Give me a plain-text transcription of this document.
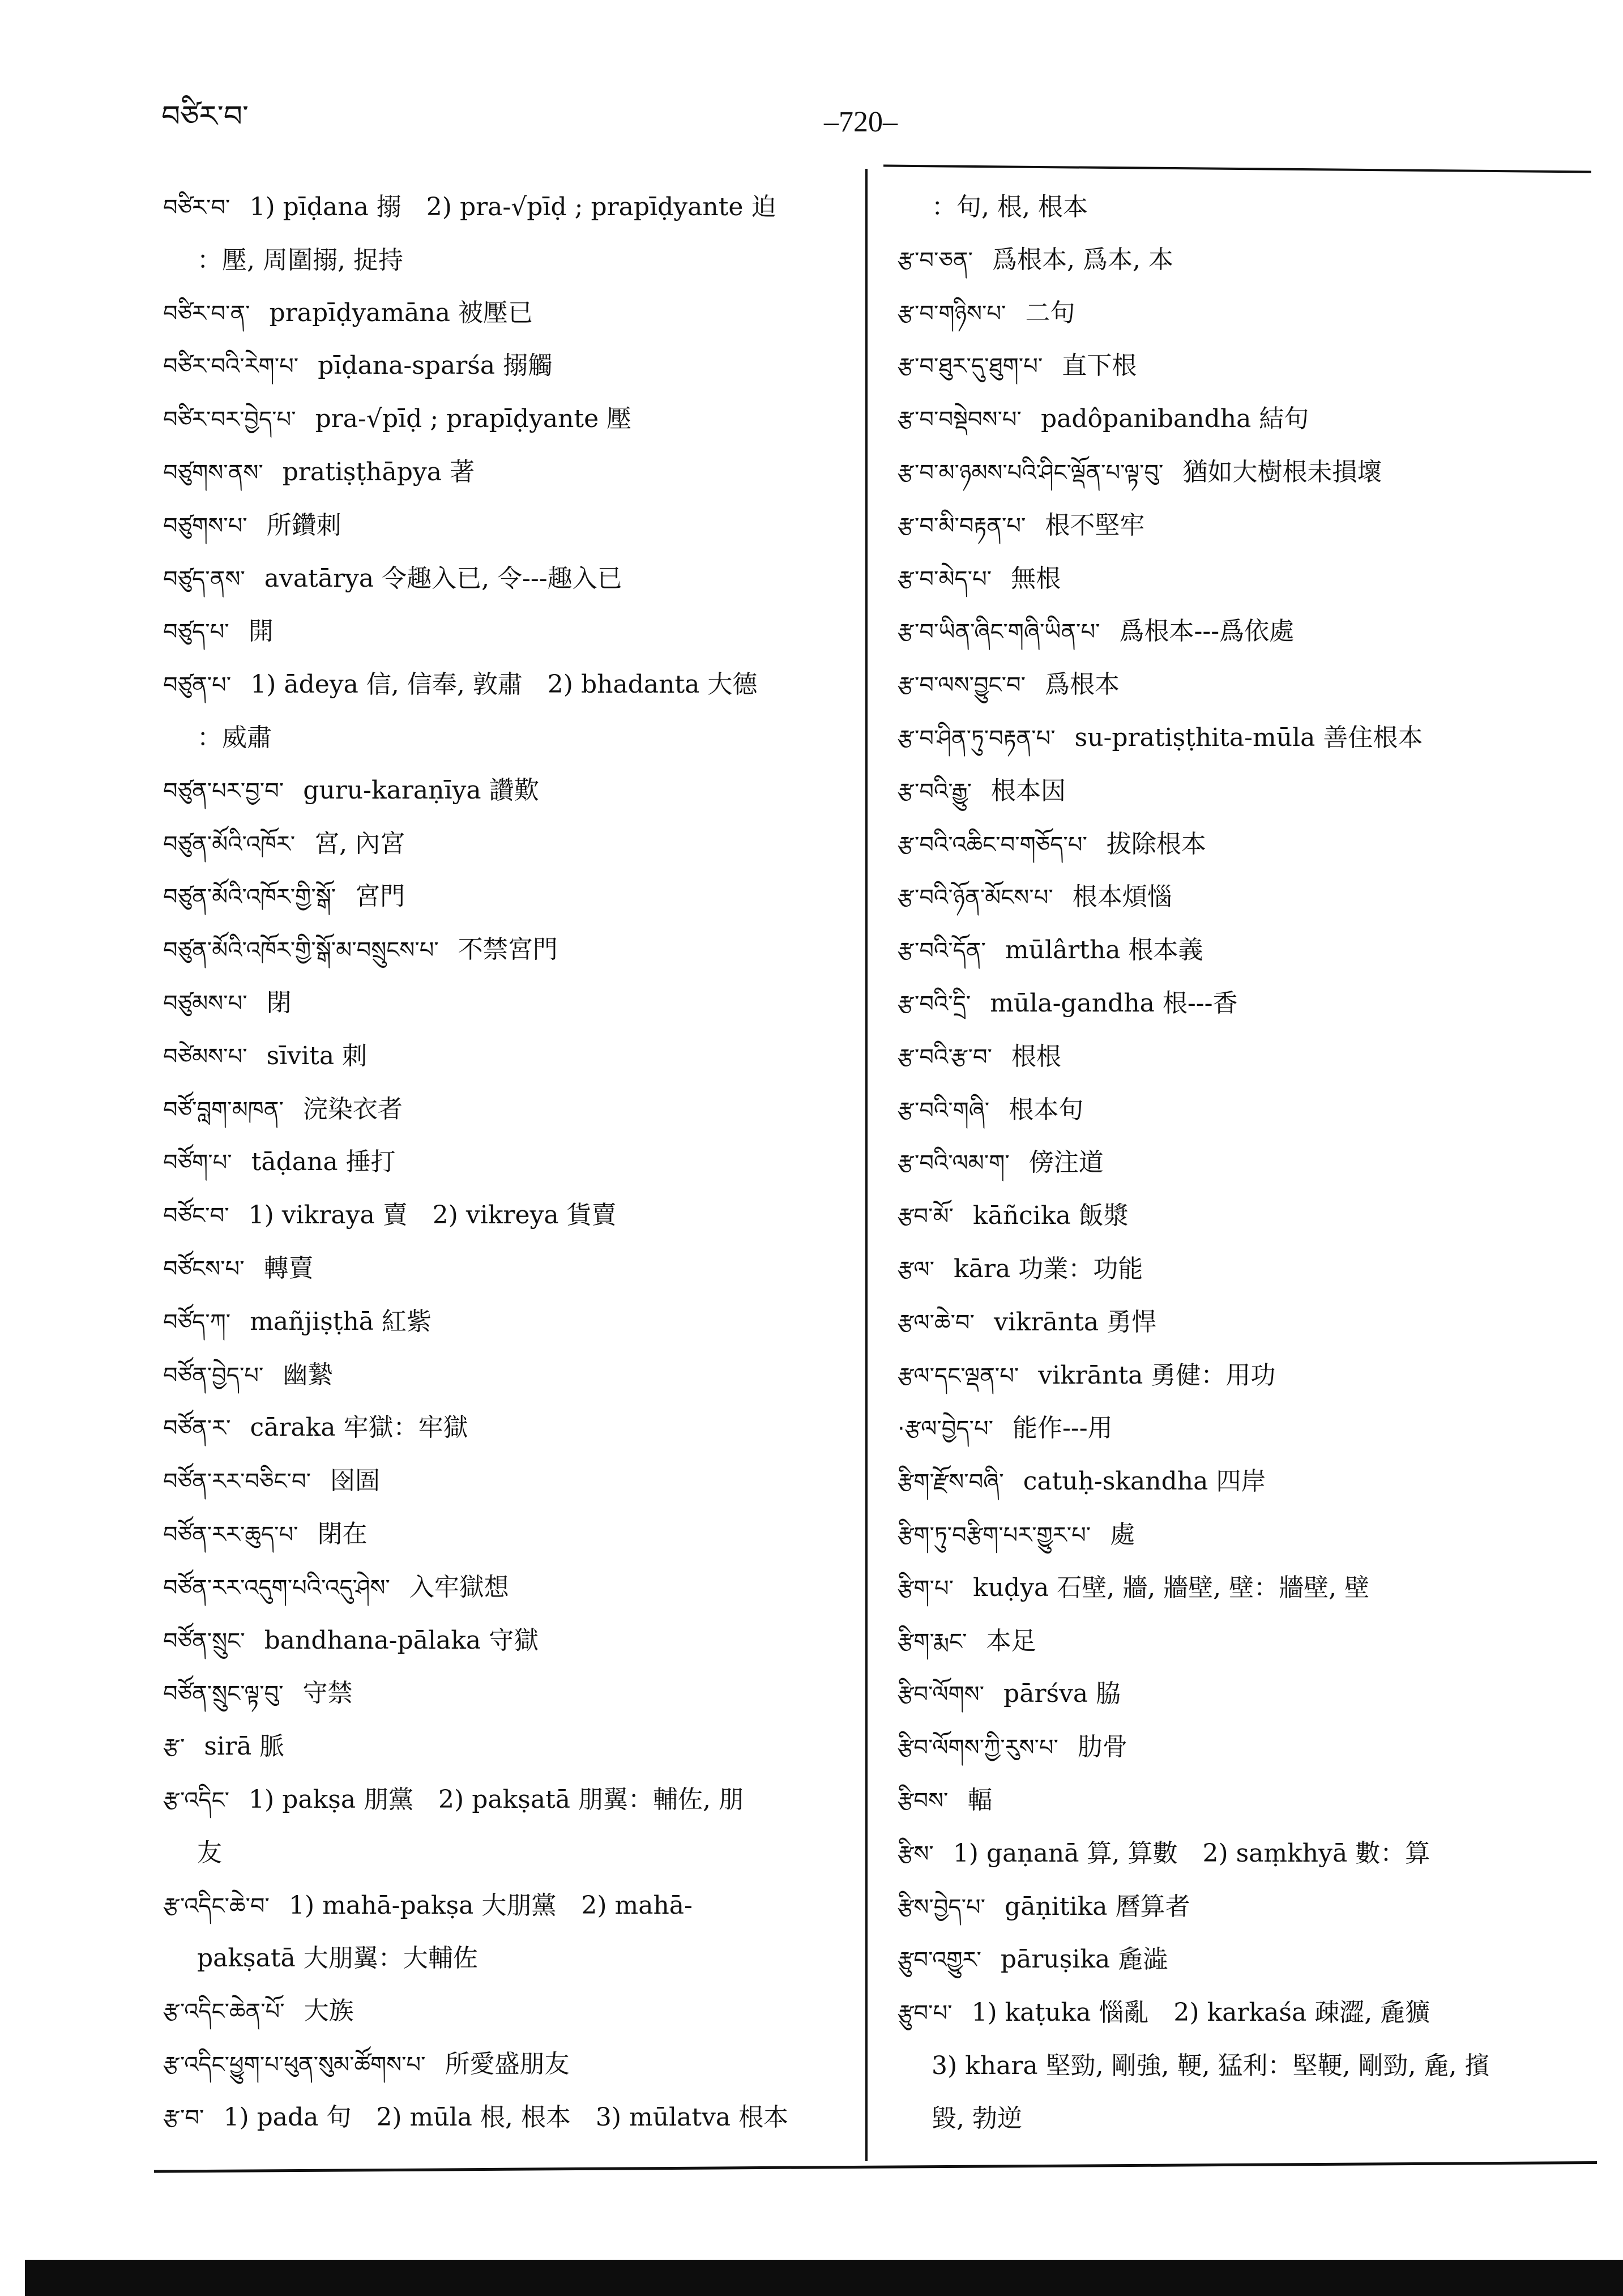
བཙིར་བ་	–720–
བཙིར་བ་ 1) pīḍana 搦　2) pra-√pīḍ ; prapīḍyante 迫
：壓, 周圍搦, 捉持
བཙིར་བ་ན་ prapīḍyamāna 被壓已
བཙིར་བའི་རེག་པ་ pīḍana-sparśa 搦觸
བཙིར་བར་བྱེད་པ་ pra-√pīḍ ; prapīḍyante 壓
བཙུགས་ནས་ pratiṣṭhāpya 著
བཙུགས་པ་ 所鑽刺
བཙུད་ནས་ avatārya 令趣入已, 令---趣入已
བཙུད་པ་ 開
བཙུན་པ་ 1) ādeya 信, 信奉, 敦肅　2) bhadanta 大德
：威肅
བཙུན་པར་བྱ་བ་ guru-karaṇīya 讚歎
བཙུན་མོའི་འཁོར་ 宮, 內宮
བཙུན་མོའི་འཁོར་གྱི་སྒོ་ 宮門
བཙུན་མོའི་འཁོར་གྱི་སྒོ་མ་བསྲུངས་པ་ 不禁宮門
བཙུམས་པ་ 閉
བཙེམས་པ་ sīvita 刺
བཙོ་བླག་མཁན་ 浣染衣者
བཙོག་པ་ tāḍana 捶打
བཙོང་བ་ 1) vikraya 賣　2) vikreya 貨賣
བཙོངས་པ་ 轉賣
བཙོད་ཀ་ mañjiṣṭhā 紅紫
བཙོན་བྱེད་པ་ 幽縶
བཙོན་ར་ cāraka 牢獄：牢獄
བཙོན་རར་བཅིང་བ་ 囹圄
བཙོན་རར་ཆུད་པ་ 閉在
བཙོན་རར་འདུག་པའི་འདུ་ཤེས་ 入牢獄想
བཙོན་སྲུང་ bandhana-pālaka 守獄
བཙོན་སྲུང་ལྟ་བུ་ 守禁
རྩ་ sirā 脈
རྩ་འདིང་ 1) pakṣa 朋黨　2) pakṣatā 朋翼：輔佐, 朋
友
རྩ་འདིང་ཆེ་བ་ 1) mahā-pakṣa 大朋黨　2) mahā-
pakṣatā 大朋翼：大輔佐
རྩ་འདིང་ཆེན་པོ་ 大族
རྩ་འདིང་ཕྱུག་པ་ཕུན་སུམ་ཚོགས་པ་ 所愛盛朋友
རྩ་བ་ 1) pada 句　2) mūla 根, 根本　3) mūlatva 根本
：句, 根, 根本
རྩ་བ་ཅན་ 爲根本, 爲本, 本
རྩ་བ་གཉིས་པ་ 二句
རྩ་བ་ཐུར་དུ་ཐུག་པ་ 直下根
རྩ་བ་བསྡེབས་པ་ padôpanibandha 結句
རྩ་བ་མ་ཉམས་པའི་ཤིང་ལྡོན་པ་ལྟ་བུ་ 猶如大樹根未損壞
རྩ་བ་མི་བརྟན་པ་ 根不堅牢
རྩ་བ་མེད་པ་ 無根
རྩ་བ་ཡིན་ཞིང་གཞི་ཡིན་པ་ 爲根本---爲依處
རྩ་བ་ལས་བྱུང་བ་ 爲根本
རྩ་བ་ཤིན་ཏུ་བརྟན་པ་ su-pratiṣṭhita-mūla 善住根本
རྩ་བའི་རྒྱུ་ 根本因
རྩ་བའི་འཆིང་བ་གཅོད་པ་ 拔除根本
རྩ་བའི་ཉོན་མོངས་པ་ 根本煩惱
རྩ་བའི་དོན་ mūlârtha 根本義
རྩ་བའི་དྲི་ mūla-gandha 根---香
རྩ་བའི་རྩ་བ་ 根根
རྩ་བའི་གཞི་ 根本句
རྩ་བའི་ལམ་ག་ 傍注道
རྩབ་མོ་ kāñcika 飯漿
རྩལ་ kāra 功業：功能
རྩལ་ཆེ་བ་ vikrānta 勇悍
རྩལ་དང་ལྡན་པ་ vikrānta 勇健：用功
·རྩལ་བྱེད་པ་ 能作---用
རྩིག་རྫོས་བཞི་ catuḥ-skandha 四岸
རྩིག་ཏུ་བརྩིག་པར་གྱུར་པ་ 處
རྩིག་པ་ kuḍya 石壁, 牆, 牆壁, 壁：牆壁, 壁
རྩིག་རྨང་ 本足
རྩིབ་ལོགས་ pārśva 脇
རྩིབ་ལོགས་ཀྱི་རུས་པ་ 肋骨
རྩིབས་ 輻
རྩིས་ 1) gaṇanā 算, 算數　2) saṃkhyā 數：算
རྩིས་བྱེད་པ་ gāṇitika 曆算者
རྩུབ་འགྱུར་ pāruṣika 麁澁
རྩུབ་པ་ 1) kaṭuka 惱亂　2) karkaśa 疎澀, 麁獷
3) khara 堅勁, 剛強, 鞕, 猛利：堅鞕, 剛勁, 麁, 擯
毀, 勃逆
